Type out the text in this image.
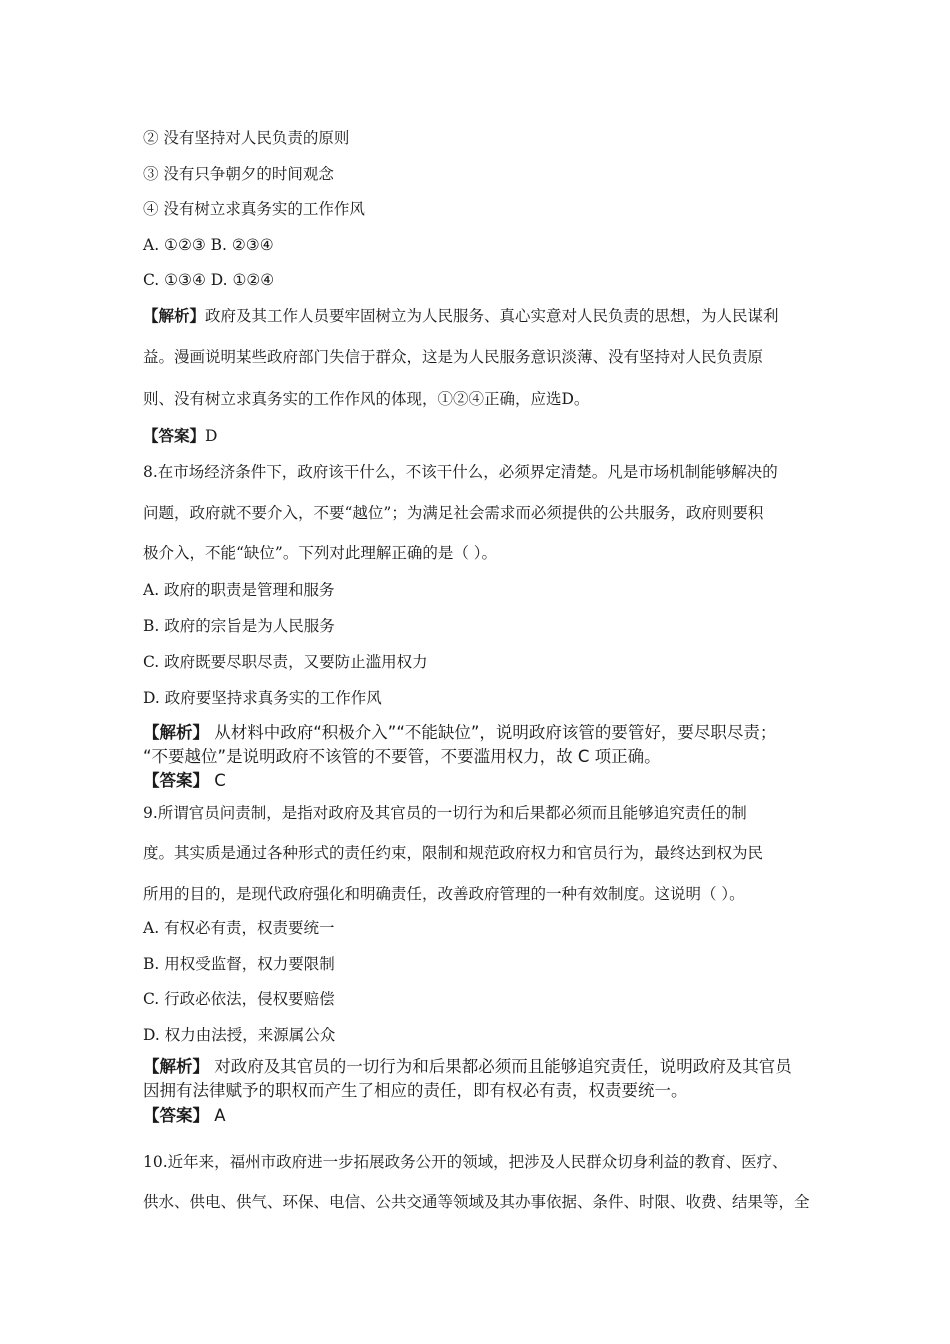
② 没有坚持对人民负责的原则
③ 没有只争朝夕的时间观念
④ 没有树立求真务实的工作作风
A. ①②③ B. ②③④
C. ①③④ D. ①②④
【解析】政府及其工作人员要牢固树立为人民服务、真心实意对人民负责的思想，为人民谋利
益。漫画说明某些政府部门失信于群众，这是为人民服务意识淡薄、没有坚持对人民负责原
则、没有树立求真务实的工作作风的体现，①②④正确，应选D。
【答案】D
8.在市场经济条件下，政府该干什么，不该干什么，必须界定清楚。凡是市场机制能够解决的
问题，政府就不要介入，不要“越位”；为满足社会需求而必须提供的公共服务，政府则要积
极介入，不能“缺位”。下列对此理解正确的是（ ）。
A. 政府的职责是管理和服务
B. 政府的宗旨是为人民服务
C. 政府既要尽职尽责，又要防止滥用权力
D. 政府要坚持求真务实的工作作风
【解析】 从材料中政府“积极介入”“不能缺位”，说明政府该管的要管好，要尽职尽责；
“不要越位”是说明政府不该管的不要管，不要滥用权力，故 C 项正确。
【答案】 C
9.所谓官员问责制，是指对政府及其官员的一切行为和后果都必须而且能够追究责任的制
度。其实质是通过各种形式的责任约束，限制和规范政府权力和官员行为，最终达到权为民
所用的目的，是现代政府强化和明确责任，改善政府管理的一种有效制度。这说明（ ）。
A. 有权必有责，权责要统一
B. 用权受监督，权力要限制
C. 行政必依法，侵权要赔偿
D. 权力由法授，来源属公众
【解析】 对政府及其官员的一切行为和后果都必须而且能够追究责任，说明政府及其官员
因拥有法律赋予的职权而产生了相应的责任，即有权必有责，权责要统一。
【答案】 A
10.近年来，福州市政府进一步拓展政务公开的领域，把涉及人民群众切身利益的教育、医疗、
供水、供电、供气、环保、电信、公共交通等领域及其办事依据、条件、时限、收费、结果等，全
